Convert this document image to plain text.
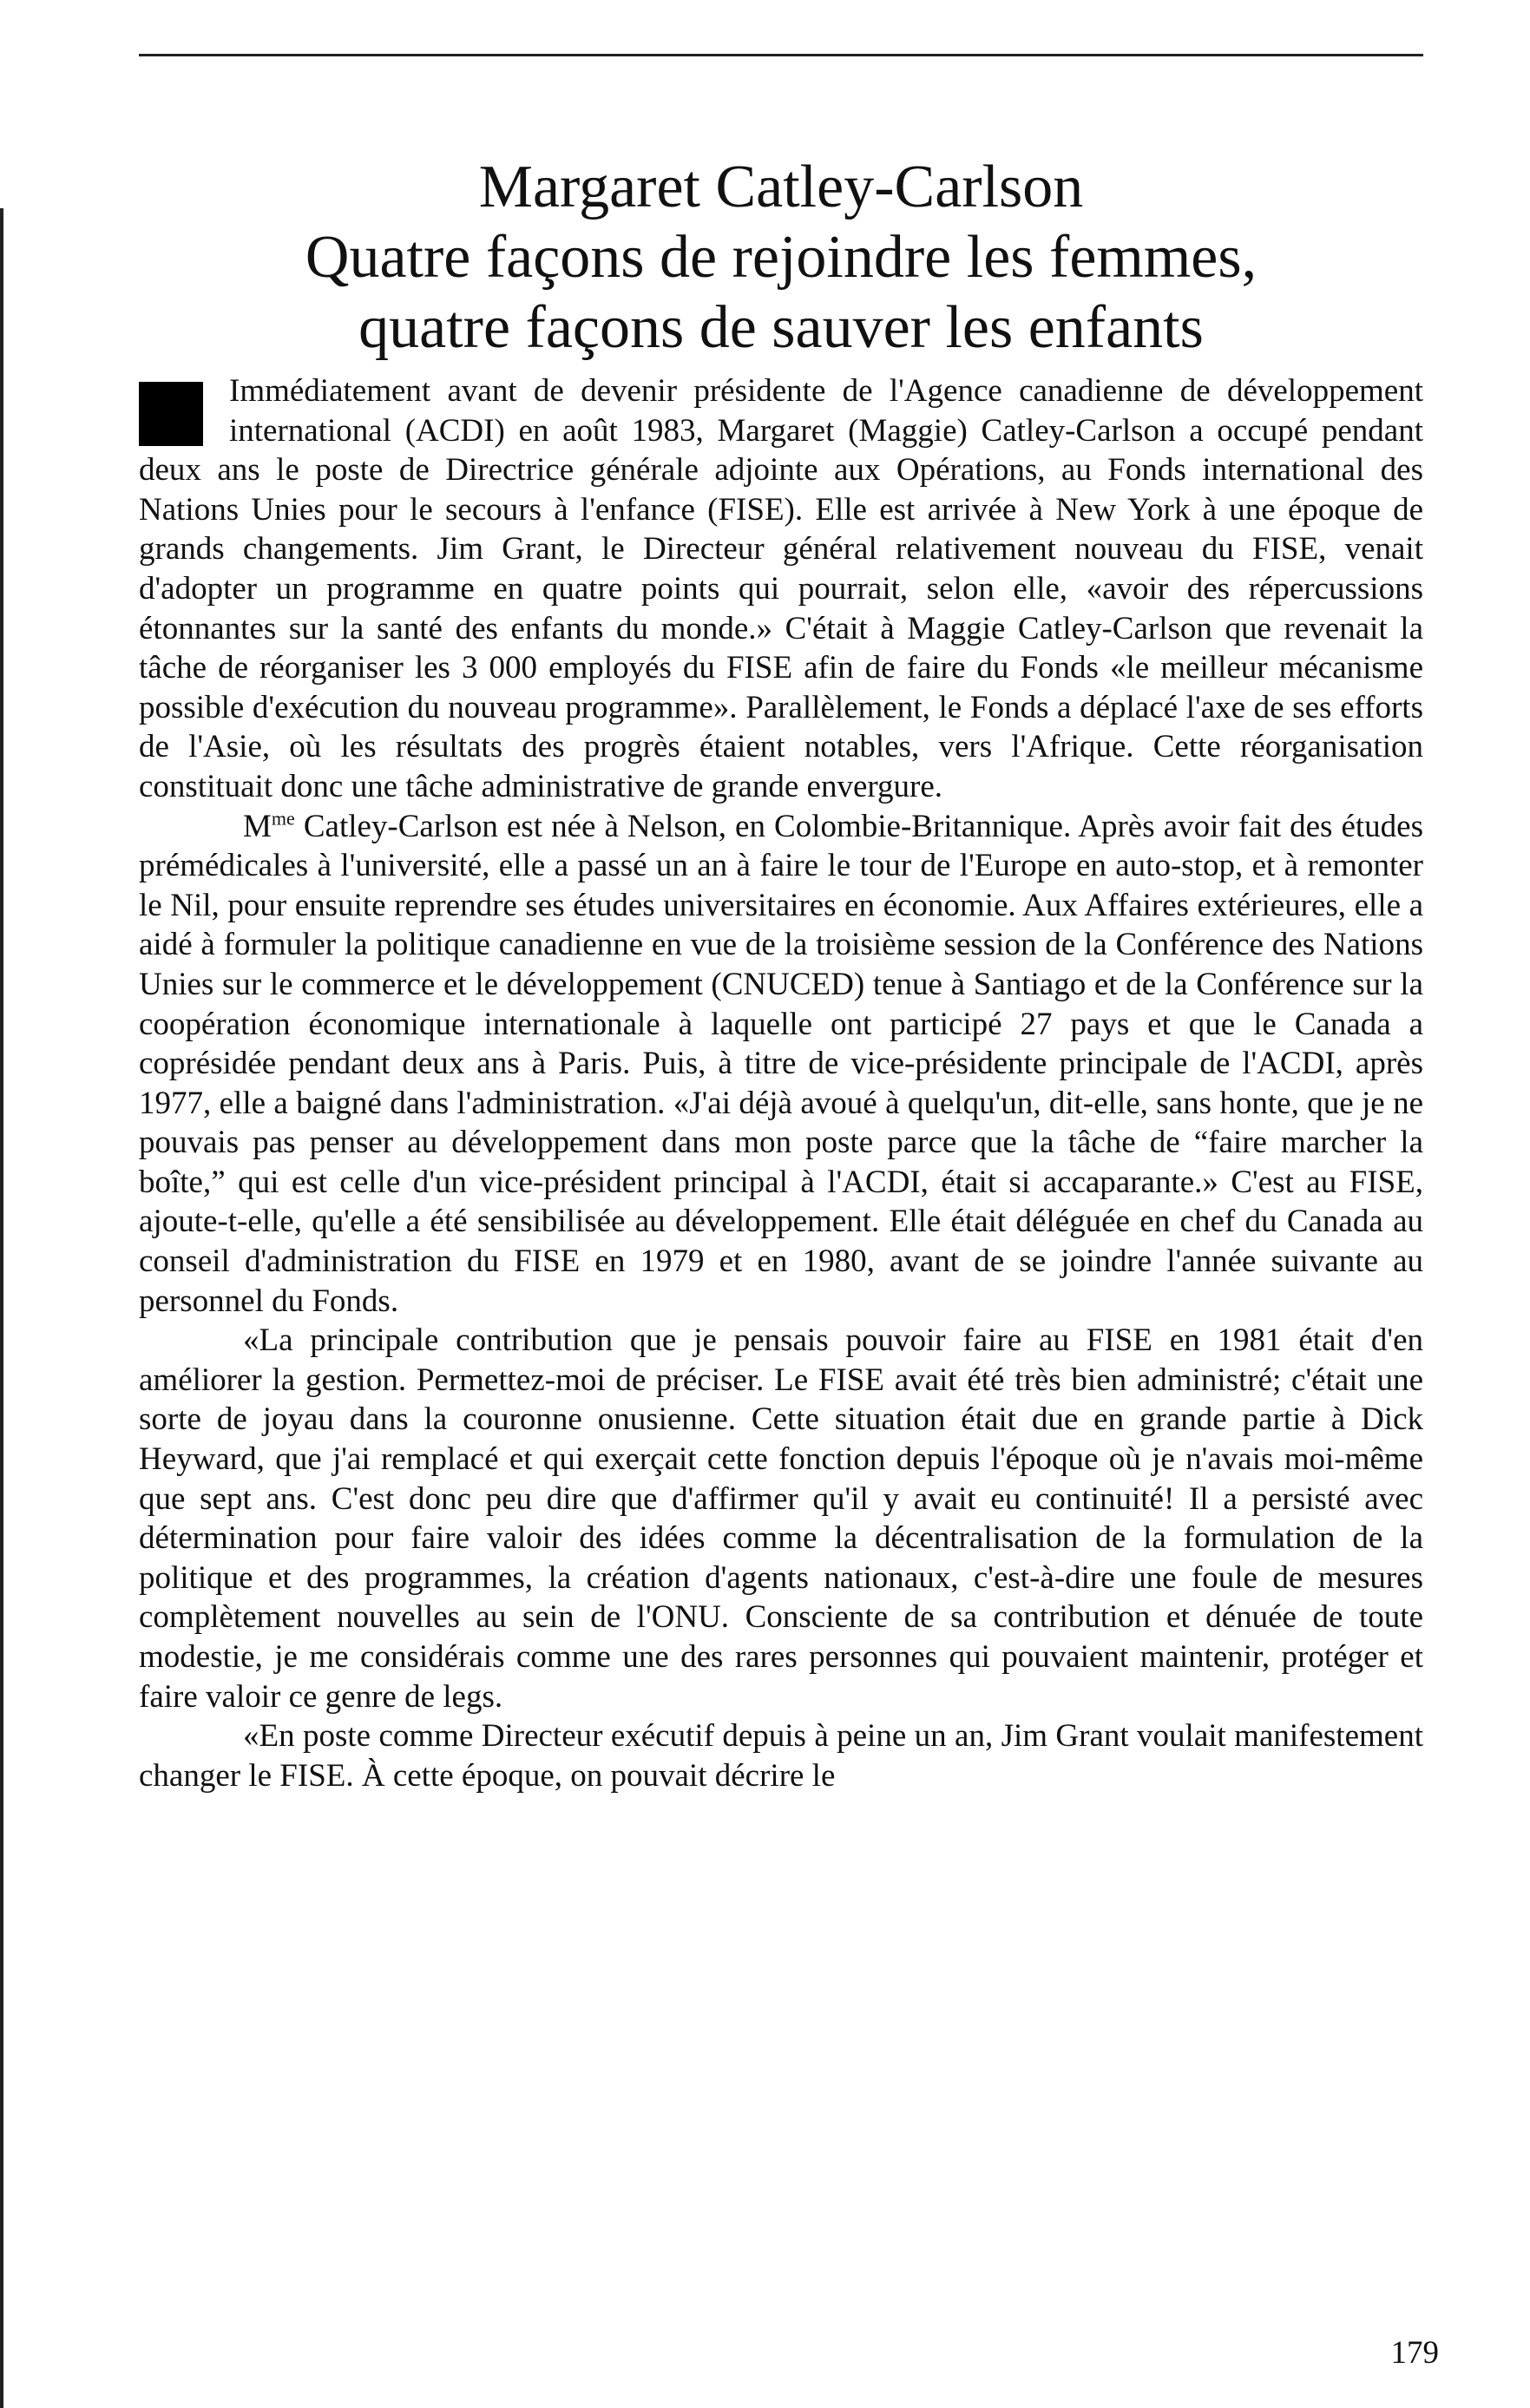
Margaret Catley-Carlson
Quatre façons de rejoindre les femmes,
quatre façons de sauver les enfants

Immédiatement avant de devenir présidente de l'Agence canadienne de développement international (ACDI) en août 1983, Margaret (Maggie) Catley-Carlson a occupé pendant deux ans le poste de Directrice générale adjointe aux Opérations, au Fonds international des Nations Unies pour le secours à l'enfance (FISE). Elle est arrivée à New York à une époque de grands changements. Jim Grant, le Directeur général relativement nouveau du FISE, venait d'adopter un programme en quatre points qui pourrait, selon elle, «avoir des répercussions étonnantes sur la santé des enfants du monde.» C'était à Maggie Catley-Carlson que revenait la tâche de réorganiser les 3 000 employés du FISE afin de faire du Fonds «le meilleur mécanisme possible d'exécution du nouveau programme». Parallèlement, le Fonds a déplacé l'axe de ses efforts de l'Asie, où les résultats des progrès étaient notables, vers l'Afrique. Cette réorganisation constituait donc une tâche administrative de grande envergure.

$M^{me}$ Catley-Carlson est née à Nelson, en Colombie-Britannique. Après avoir fait des études prémédicales à l'université, elle a passé un an à faire le tour de l'Europe en auto-stop, et à remonter le Nil, pour ensuite reprendre ses études universitaires en économie. Aux Affaires extérieures, elle a aidé à formuler la politique canadienne en vue de la troisième session de la Conférence des Nations Unies sur le commerce et le développement (CNUCED) tenue à Santiago et de la Conférence sur la coopération économique internationale à laquelle ont participé 27 pays et que le Canada a coprésidée pendant deux ans à Paris. Puis, à titre de vice-présidente principale de l'ACDI, après 1977, elle a baigné dans l'administration. «J'ai déjà avoué à quelqu'un, dit-elle, sans honte, que je ne pouvais pas penser au développement dans mon poste parce que la tâche de “faire marcher la boîte,” qui est celle d'un vice-président principal à l'ACDI, était si accaparante.» C'est au FISE, ajoute-t-elle, qu'elle a été sensibilisée au développement. Elle était déléguée en chef du Canada au conseil d'administration du FISE en 1979 et en 1980, avant de se joindre l'année suivante au personnel du Fonds.

«La principale contribution que je pensais pouvoir faire au FISE en 1981 était d'en améliorer la gestion. Permettez-moi de préciser. Le FISE avait été très bien administré; c'était une sorte de joyau dans la couronne onusienne. Cette situation était due en grande partie à Dick Heyward, que j'ai remplacé et qui exerçait cette fonction depuis l'époque où je n'avais moi-même que sept ans. C'est donc peu dire que d'affirmer qu'il y avait eu continuité! Il a persisté avec détermination pour faire valoir des idées comme la décentralisation de la formulation de la politique et des programmes, la création d'agents nationaux, c'est-à-dire une foule de mesures complètement nouvelles au sein de l'ONU. Consciente de sa contribution et dénuée de toute modestie, je me considérais comme une des rares personnes qui pouvaient maintenir, protéger et faire valoir ce genre de legs.

«En poste comme Directeur exécutif depuis à peine un an, Jim Grant voulait manifestement changer le FISE. À cette époque, on pouvait décrire le

179
